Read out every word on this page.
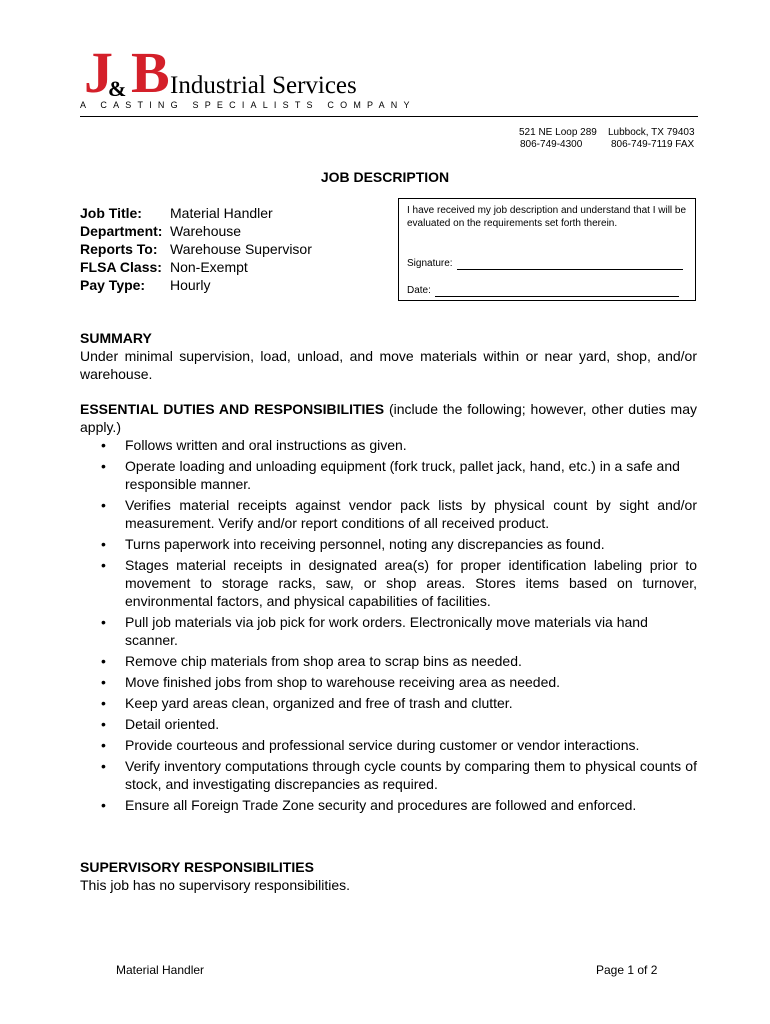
J B
& Industrial Services
A CASTING SPECIALISTS COMPANY
521 NE Loop 289 Lubbock, TX 79403
806-749-4300	806-749-7119 FAX
JOB DESCRIPTION
Job Title:	Material Handler
Department: Warehouse
Reports To: Warehouse Supervisor
FLSA Class: Non-Exempt
Pay Type:	Hourly
I have received my job description and understand that I will be evaluated on the requirements set forth therein.
Signature:
Date:
SUMMARY
Under minimal supervision, load, unload, and move materials within or near yard, shop, and/or warehouse.
ESSENTIAL DUTIES AND RESPONSIBILITIES (include the following; however, other duties may apply.)
• Follows written and oral instructions as given.
• Operate loading and unloading equipment (fork truck, pallet jack, hand, etc.) in a safe and responsible manner.
• Verifies material receipts against vendor pack lists by physical count by sight and/or measurement. Verify and/or report conditions of all received product.
• Turns paperwork into receiving personnel, noting any discrepancies as found.
• Stages material receipts in designated area(s) for proper identification labeling prior to movement to storage racks, saw, or shop areas. Stores items based on turnover, environmental factors, and physical capabilities of facilities.
• Pull job materials via job pick for work orders. Electronically move materials via hand scanner.
• Remove chip materials from shop area to scrap bins as needed.
• Move finished jobs from shop to warehouse receiving area as needed.
• Keep yard areas clean, organized and free of trash and clutter.
• Detail oriented.
• Provide courteous and professional service during customer or vendor interactions.
• Verify inventory computations through cycle counts by comparing them to physical counts of stock, and investigating discrepancies as required.
• Ensure all Foreign Trade Zone security and procedures are followed and enforced.
SUPERVISORY RESPONSIBILITIES
This job has no supervisory responsibilities.
Material Handler	Page 1 of 2
